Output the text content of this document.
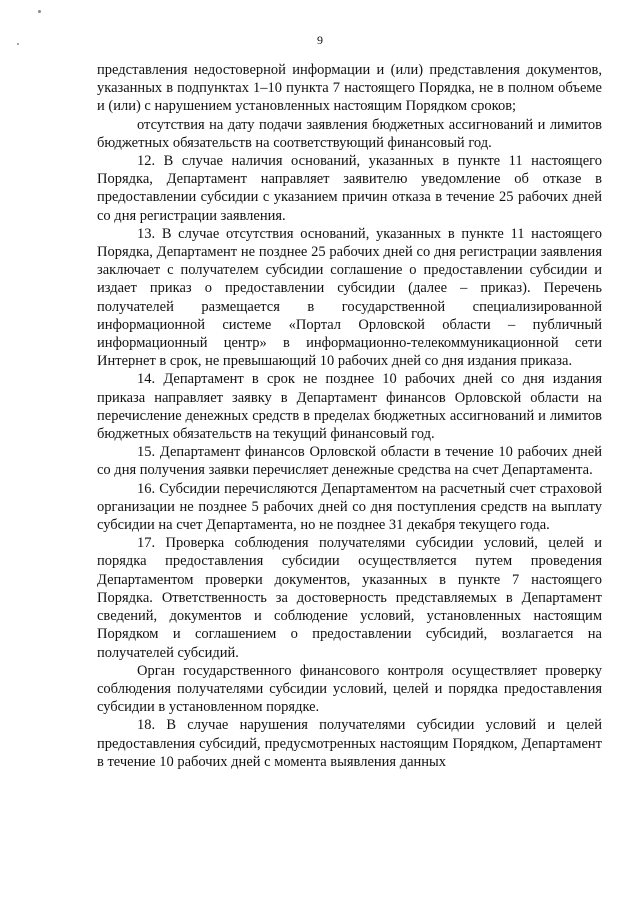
9

представления недостоверной информации и (или) представления документов, указанных в подпунктах 1–10 пункта 7 настоящего Порядка, не в полном объеме и (или) с нарушением установленных настоящим Порядком сроков;

отсутствия на дату подачи заявления бюджетных ассигнований и лимитов бюджетных обязательств на соответствующий финансовый год.

12. В случае наличия оснований, указанных в пункте 11 настоящего Порядка, Департамент направляет заявителю уведомление об отказе в предоставлении субсидии с указанием причин отказа в течение 25 рабочих дней со дня регистрации заявления.

13. В случае отсутствия оснований, указанных в пункте 11 настоящего Порядка, Департамент не позднее 25 рабочих дней со дня регистрации заявления заключает с получателем субсидии соглашение о предоставлении субсидии и издает приказ о предоставлении субсидии (далее – приказ). Перечень получателей размещается в государственной специализированной информационной системе «Портал Орловской области – публичный информационный центр» в информационно-телекоммуникационной сети Интернет в срок, не превышающий 10 рабочих дней со дня издания приказа.

14. Департамент в срок не позднее 10 рабочих дней со дня издания приказа направляет заявку в Департамент финансов Орловской области на перечисление денежных средств в пределах бюджетных ассигнований и лимитов бюджетных обязательств на текущий финансовый год.

15. Департамент финансов Орловской области в течение 10 рабочих дней со дня получения заявки перечисляет денежные средства на счет Департамента.

16. Субсидии перечисляются Департаментом на расчетный счет страховой организации не позднее 5 рабочих дней со дня поступления средств на выплату субсидии на счет Департамента, но не позднее 31 декабря текущего года.

17. Проверка соблюдения получателями субсидии условий, целей и порядка предоставления субсидии осуществляется путем проведения Департаментом проверки документов, указанных в пункте 7 настоящего Порядка. Ответственность за достоверность представляемых в Департамент сведений, документов и соблюдение условий, установленных настоящим Порядком и соглашением о предоставлении субсидий, возлагается на получателей субсидий.

Орган государственного финансового контроля осуществляет проверку соблюдения получателями субсидии условий, целей и порядка предоставления субсидии в установленном порядке.

18. В случае нарушения получателями субсидии условий и целей предоставления субсидий, предусмотренных настоящим Порядком, Департамент в течение 10 рабочих дней с момента выявления данных
